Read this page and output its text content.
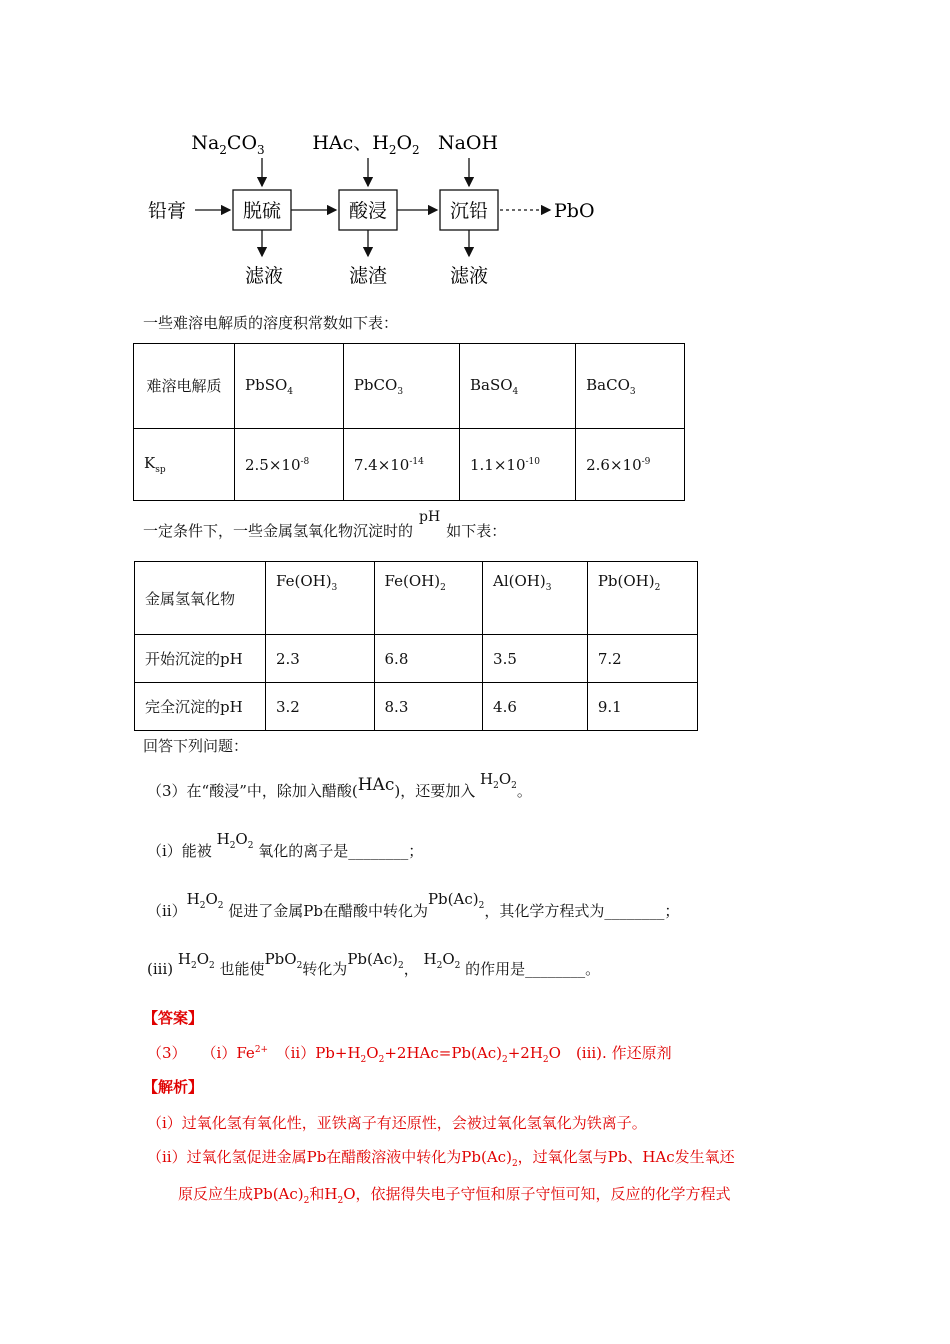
$Na_2CO_3$	HAc、$H_2O_2$ NaOH
铅膏	脱硫	酸浸	沉铅	PbO
滤液	滤渣	滤液
一些难溶电解质的溶度积常数如下表：
难溶电解质	PbSO$_4$	PbCO$_3$	BaSO$_4$	BaCO$_3$
$K_{sp}$	$2.5\times 10^{-8}$	$7.4\times 10^{-14}$	$1.1\times 10^{-10}$	$2.6\times 10^{-9}$
一定条件下，一些金属氢氧化物沉淀时的pH如下表：
金属氢氧化物	$Fe(OH)_3$	$Fe(OH)_2$	$Al(OH)_3$	$Pb(OH)_2$
开始沉淀的pH	2.3	6.8	3.5	7.2
完全沉淀的pH	3.2	8.3	4.6	9.1
回答下列问题：
（3）在“酸浸”中，除加入醋酸(HAc)，还要加入 $H_2O_2$。
（i）能被 $H_2O_2$ 氧化的离子是________；
$(ii)H_2O_2$ 促进了金属Pb在醋酸中转化为$Pb(Ac)_2$，其化学方程式为________；
(iii) $H_2O_2$ 也能使PbO$_2$转化为$Pb(Ac)_2$， $H_2O_2$ 的作用是________。
【答案】
（3）　　$(i)Fe^{2+}$　$(ii)Pb+H_2O_2+2HAc=Pb(Ac)_2+2H_2O$　(iii). 作还原剂
【解析】
（i）过氧化氢有氧化性，亚铁离子有还原性，会被过氧化氢氧化为铁离子。
（ii）过氧化氢促进金属Pb在醋酸溶液中转化为$Pb(Ac)_2$，过氧化氢与Pb、HAc发生氧还
原反应生成$Pb(Ac)_2$和$H_2O$，依据得失电子守恒和原子守恒可知，反应的化学方程式
